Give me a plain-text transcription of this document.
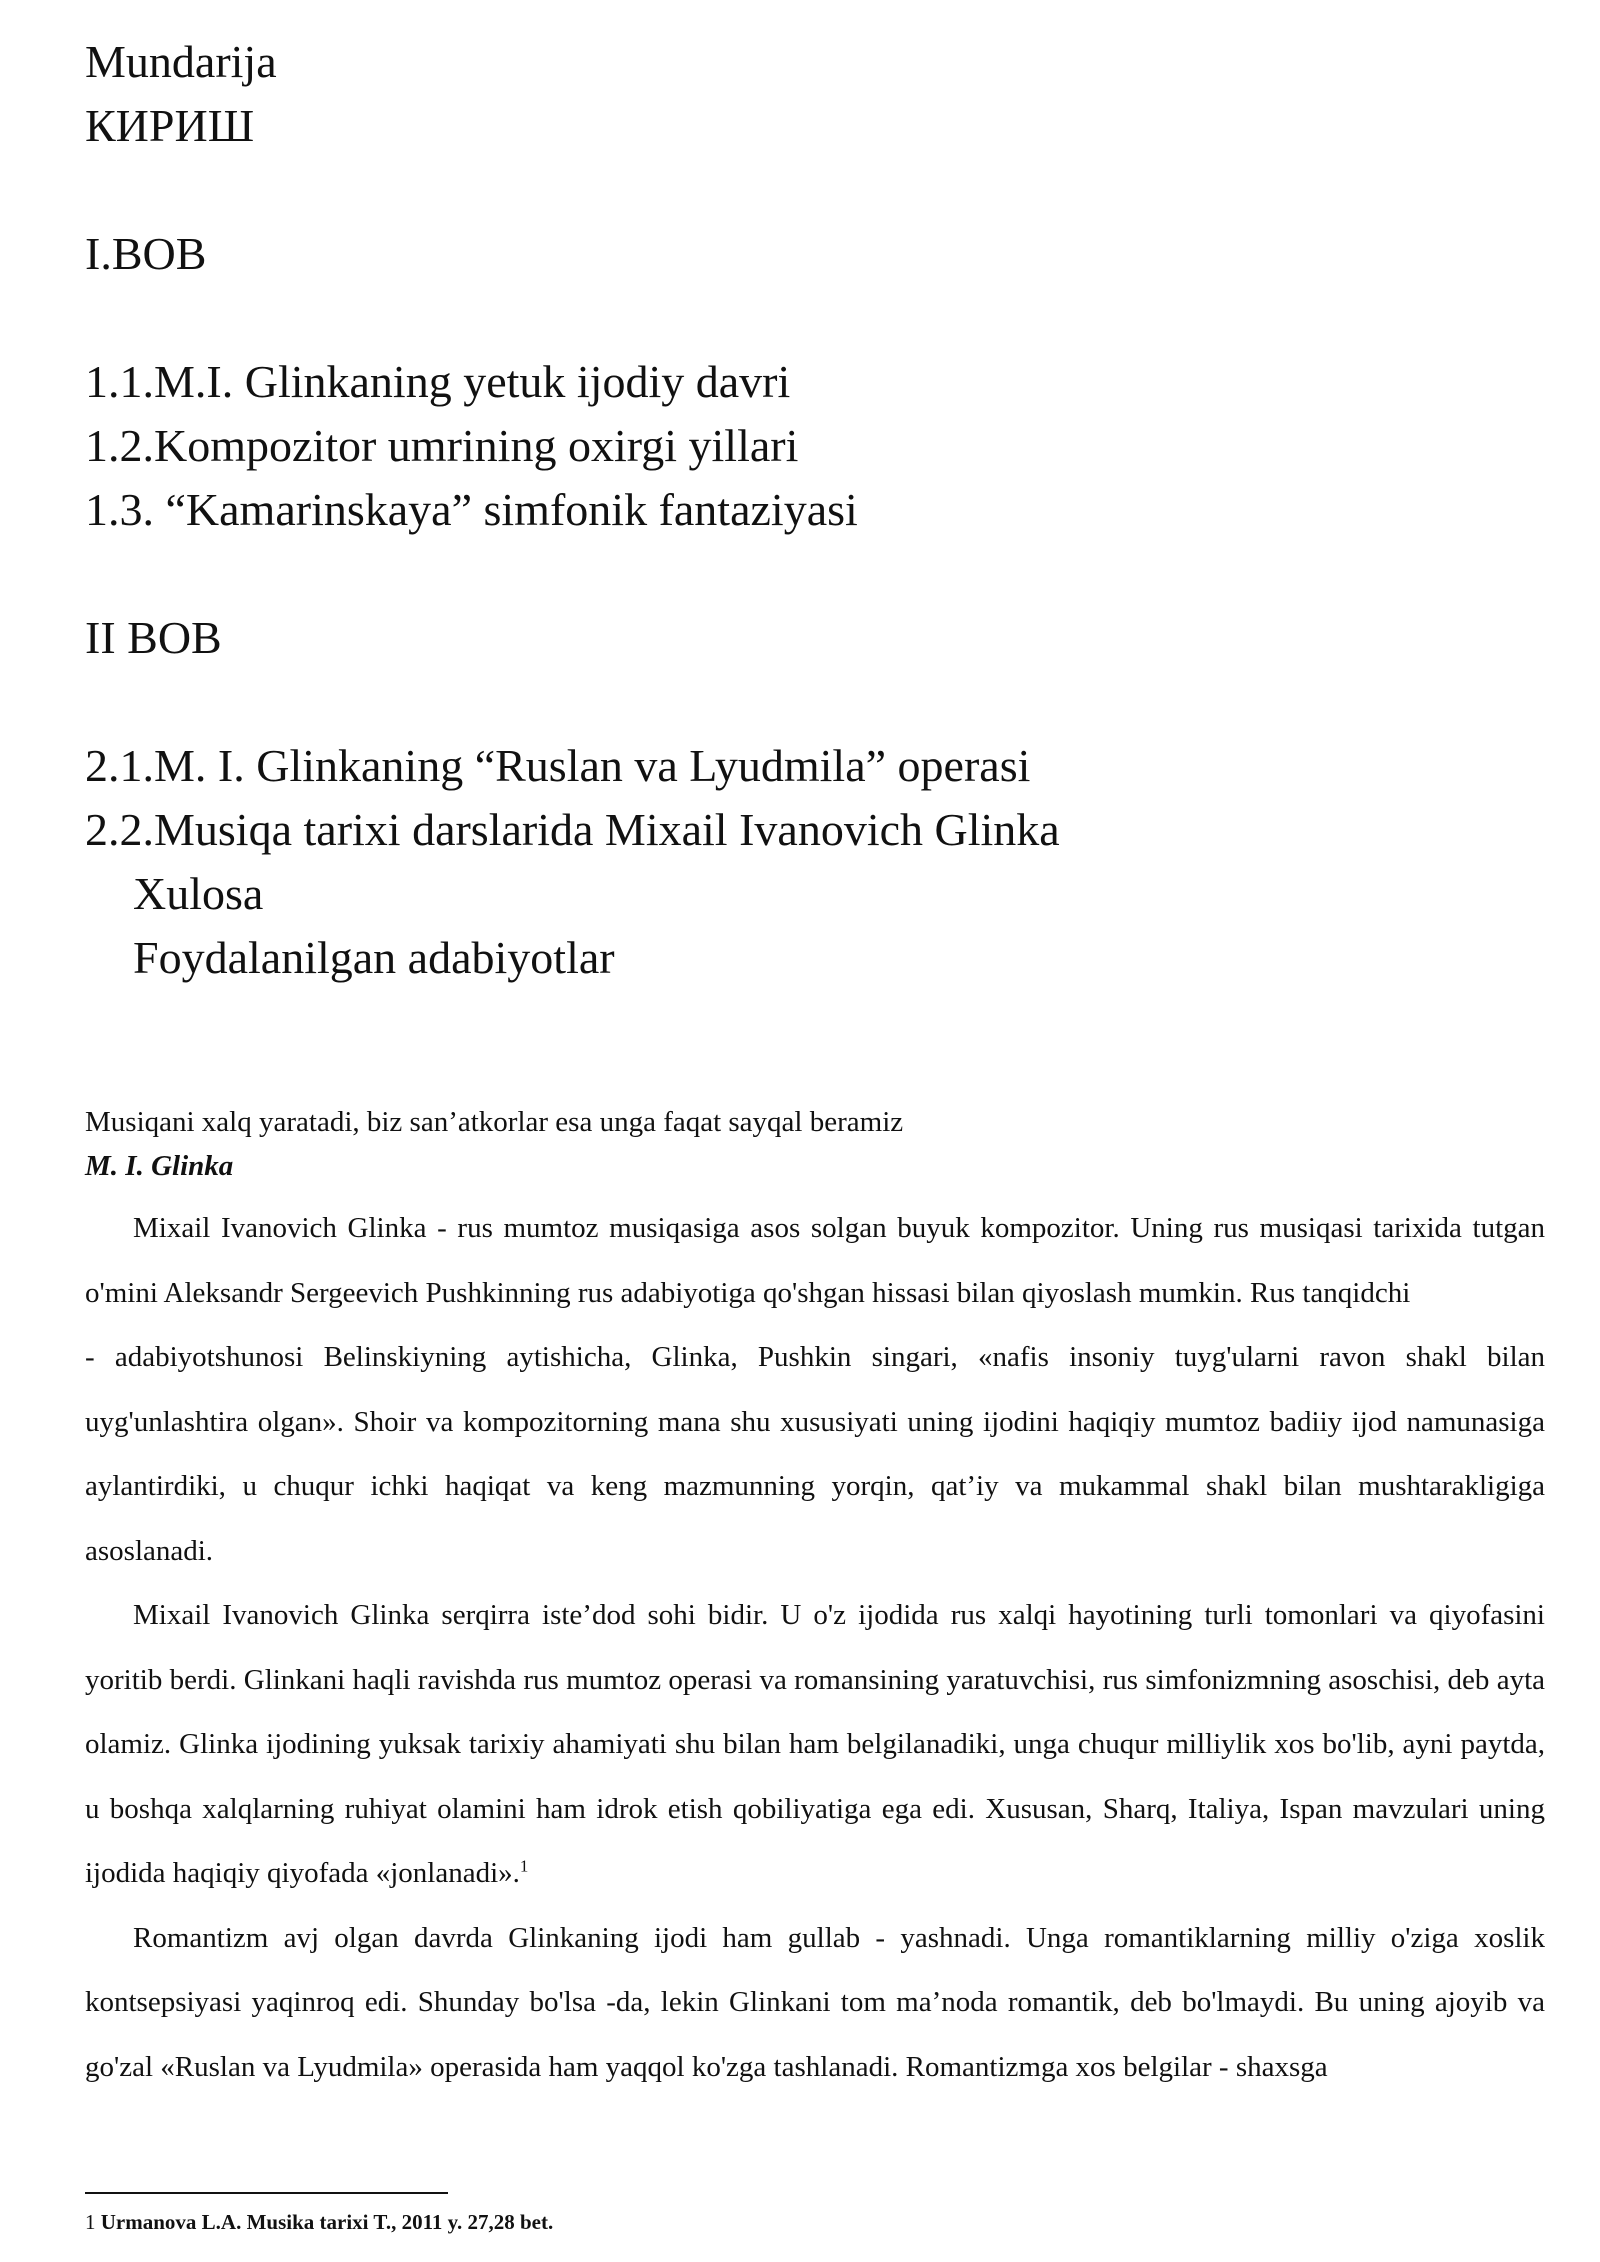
Mundarija
КИРИШ
I.BOB
1.1.M.I. Glinkaning yetuk ijodiy davri
1.2.Kompozitor umrining oxirgi yillari
1.3. “Kamarinskaya” simfonik fantaziyasi
II BOB
2.1.M. I. Glinkaning “Ruslan va Lyudmila” operasi
2.2.Musiqa tarixi darslarida Mixail Ivanovich Glinka
Xulosa
Foydalanilgan adabiyotlar
Musiqani xalq yaratadi, biz san’atkorlar esa unga faqat sayqal beramiz
M. I. Glinka

Mixail Ivanovich Glinka - rus mumtoz musiqasiga asos solgan buyuk kompozitor. Uning rus musiqasi tarixida tutgan o'mini Aleksandr Sergeevich Pushkinning rus adabiyotiga qo'shgan hissasi bilan qiyoslash mumkin. Rus tanqidchi

- adabiyotshunosi Belinskiyning aytishicha, Glinka, Pushkin singari, «nafis insoniy tuyg'ularni ravon shakl bilan uyg'unlashtira olgan». Shoir va kompozitorning mana shu xususiyati uning ijodini haqiqiy mumtoz badiiy ijod namunasiga aylantirdiki, u chuqur ichki haqiqat va keng mazmunning yorqin, qat’iy va mukammal shakl bilan mushtarakligiga asoslanadi.

Mixail Ivanovich Glinka serqirra iste’dod sohi bidir. U o'z ijodida rus xalqi hayotining turli tomonlari va qiyofasini yoritib berdi. Glinkani haqli ravishda rus mumtoz operasi va romansining yaratuvchisi, rus simfonizmning asoschisi, deb ayta olamiz. Glinka ijodining yuksak tarixiy ahamiyati shu bilan ham belgilanadiki, unga chuqur milliylik xos bo'lib, ayni paytda, u boshqa xalqlarning ruhiyat olamini ham idrok etish qobiliyatiga ega edi. Xususan, Sharq, Italiya, Ispan mavzulari uning ijodida haqiqiy qiyofada «jonlanadi».$^1$

Romantizm avj olgan davrda Glinkaning ijodi ham gullab - yashnadi. Unga romantiklarning milliy o'ziga xoslik kontsepsiyasi yaqinroq edi. Shunday bo'lsa -da, lekin Glinkani tom ma’noda romantik, deb bo'lmaydi. Bu uning ajoyib va go'zal «Ruslan va Lyudmila» operasida ham yaqqol ko'zga tashlanadi. Romantizmga xos belgilar - shaxsga

1 Urmanova L.A. Musika tarixi T., 2011 y. 27,28 bet.
